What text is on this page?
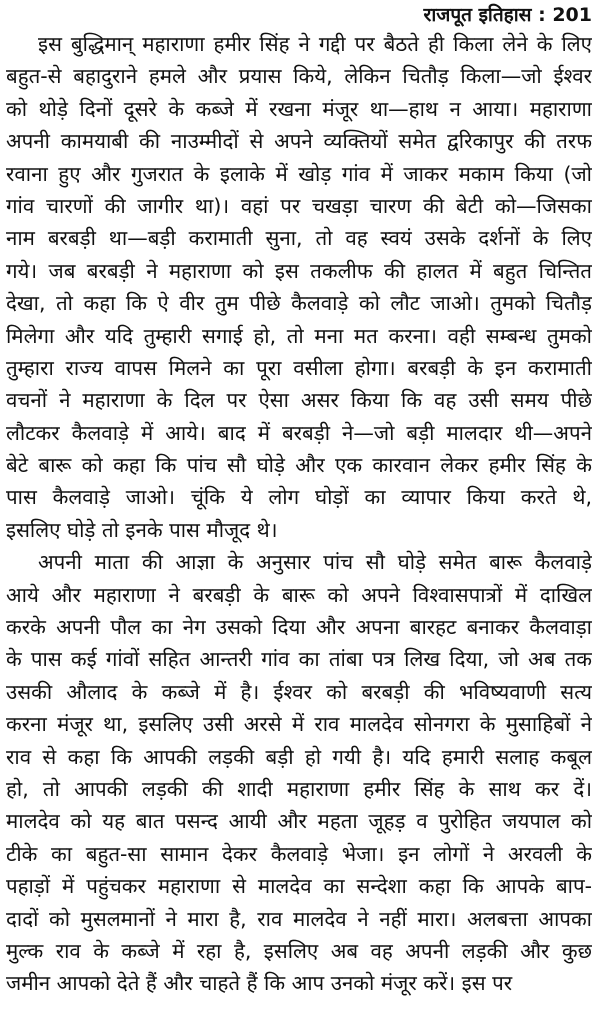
राजपूत इतिहास : 201
इस बुद्धिमान् महाराणा हमीर सिंह ने गद्दी पर बैठते ही किला लेने के लिए
बहुत-से बहादुराने हमले और प्रयास किये, लेकिन चितौड़ किला—जो ईश्वर
को थोड़े दिनों दूसरे के कब्जे में रखना मंजूर था—हाथ न आया। महाराणा
अपनी कामयाबी की नाउम्मीदों से अपने व्यक्तियों समेत द्वरिकापुर की तरफ
रवाना हुए और गुजरात के इलाके में खोड़ गांव में जाकर मकाम किया (जो
गांव चारणों की जागीर था)। वहां पर चखड़ा चारण की बेटी को—जिसका
नाम बरबड़ी था—बड़ी करामाती सुना, तो वह स्वयं उसके दर्शनों के लिए
गये। जब बरबड़ी ने महाराणा को इस तकलीफ की हालत में बहुत चिन्तित
देखा, तो कहा कि ऐ वीर तुम पीछे कैलवाड़े को लौट जाओ। तुमको चितौड़
मिलेगा और यदि तुम्हारी सगाई हो, तो मना मत करना। वही सम्बन्ध तुमको
तुम्हारा राज्य वापस मिलने का पूरा वसीला होगा। बरबड़ी के इन करामाती
वचनों ने महाराणा के दिल पर ऐसा असर किया कि वह उसी समय पीछे
लौटकर कैलवाड़े में आये। बाद में बरबड़ी ने—जो बड़ी मालदार थी—अपने
बेटे बारू को कहा कि पांच सौ घोड़े और एक कारवान लेकर हमीर सिंह के
पास कैलवाड़े जाओ। चूंकि ये लोग घोड़ों का व्यापार किया करते थे,
इसलिए घोड़े तो इनके पास मौजूद थे।
अपनी माता की आज्ञा के अनुसार पांच सौ घोड़े समेत बारू कैलवाड़े
आये और महाराणा ने बरबड़ी के बारू को अपने विश्वासपात्रों में दाखिल
करके अपनी पौल का नेग उसको दिया और अपना बारहट बनाकर कैलवाड़ा
के पास कई गांवों सहित आन्तरी गांव का तांबा पत्र लिख दिया, जो अब तक
उसकी औलाद के कब्जे में है। ईश्वर को बरबड़ी की भविष्यवाणी सत्य
करना मंजूर था, इसलिए उसी अरसे में राव मालदेव सोनगरा के मुसाहिबों ने
राव से कहा कि आपकी लड़की बड़ी हो गयी है। यदि हमारी सलाह कबूल
हो, तो आपकी लड़की की शादी महाराणा हमीर सिंह के साथ कर दें।
मालदेव को यह बात पसन्द आयी और महता जूहड़ व पुरोहित जयपाल को
टीके का बहुत-सा सामान देकर कैलवाड़े भेजा। इन लोगों ने अरवली के
पहाड़ों में पहुंचकर महाराणा से मालदेव का सन्देशा कहा कि आपके बाप-
दादों को मुसलमानों ने मारा है, राव मालदेव ने नहीं मारा। अलबत्ता आपका
मुल्क राव के कब्जे में रहा है, इसलिए अब वह अपनी लड़की और कुछ
जमीन आपको देते हैं और चाहते हैं कि आप उनको मंजूर करें। इस पर
